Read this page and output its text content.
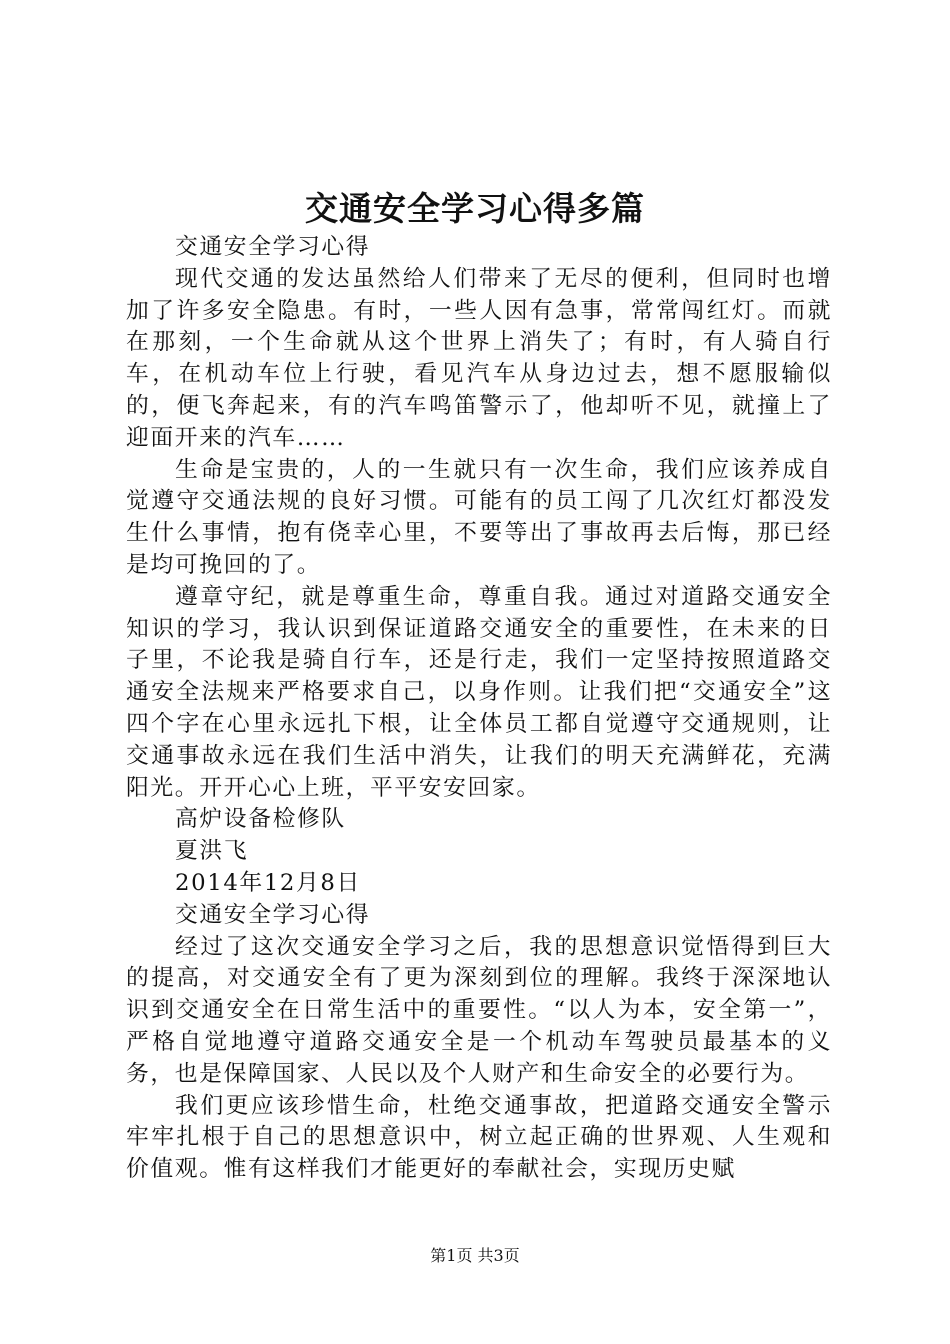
交通安全学习心得多篇

交通安全学习心得

现代交通的发达虽然给人们带来了无尽的便利，但同时也增加了许多安全隐患。有时，一些人因有急事，常常闯红灯。而就在那刻，一个生命就从这个世界上消失了；有时，有人骑自行车，在机动车位上行驶，看见汽车从身边过去，想不愿服输似的，便飞奔起来，有的汽车鸣笛警示了，他却听不见，就撞上了迎面开来的汽车……

生命是宝贵的，人的一生就只有一次生命，我们应该养成自觉遵守交通法规的良好习惯。可能有的员工闯了几次红灯都没发生什么事情，抱有侥幸心里，不要等出了事故再去后悔，那已经是均可挽回的了。

遵章守纪，就是尊重生命，尊重自我。通过对道路交通安全知识的学习，我认识到保证道路交通安全的重要性，在未来的日子里，不论我是骑自行车，还是行走，我们一定坚持按照道路交通安全法规来严格要求自己，以身作则。让我们把“交通安全”这四个字在心里永远扎下根，让全体员工都自觉遵守交通规则，让交通事故永远在我们生活中消失，让我们的明天充满鲜花，充满阳光。开开心心上班，平平安安回家。

高炉设备检修队

夏洪飞

2014年12月8日

交通安全学习心得

经过了这次交通安全学习之后，我的思想意识觉悟得到巨大的提高，对交通安全有了更为深刻到位的理解。我终于深深地认识到交通安全在日常生活中的重要性。“以人为本，安全第一”，严格自觉地遵守道路交通安全是一个机动车驾驶员最基本的义务，也是保障国家、人民以及个人财产和生命安全的必要行为。

我们更应该珍惜生命，杜绝交通事故，把道路交通安全警示牢牢扎根于自己的思想意识中，树立起正确的世界观、人生观和价值观。惟有这样我们才能更好的奉献社会，实现历史赋

第1页 共3页
